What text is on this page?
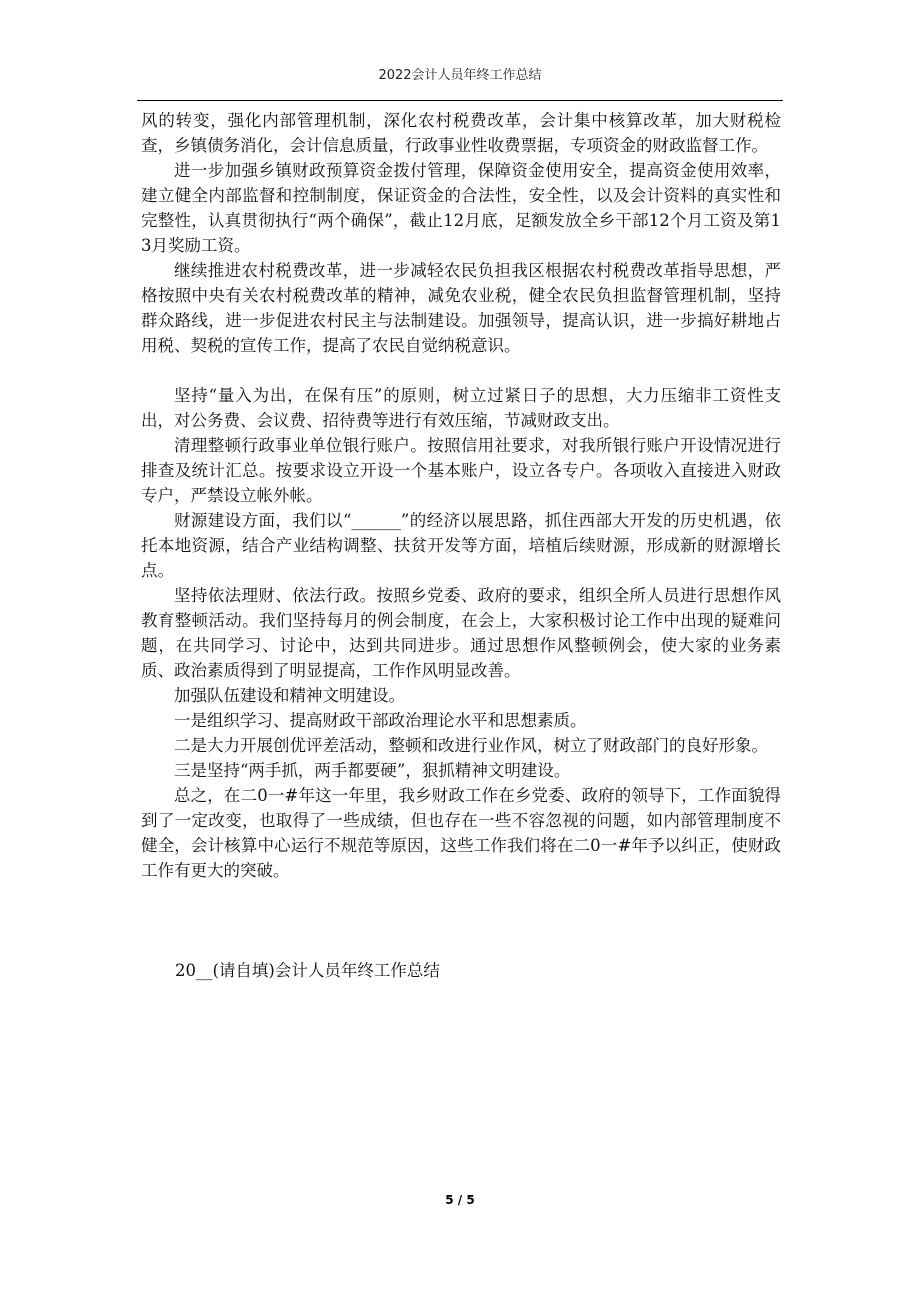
2022会计人员年终工作总结

风的转变，强化内部管理机制，深化农村税费改革，会计集中核算改革，加大财税检查，乡镇债务消化，会计信息质量，行政事业性收费票据，专项资金的财政监督工作。

进一步加强乡镇财政预算资金拨付管理，保障资金使用安全，提高资金使用效率，建立健全内部监督和控制制度，保证资金的合法性，安全性，以及会计资料的真实性和完整性，认真贯彻执行“两个确保”，截止12月底，足额发放全乡干部12个月工资及第13月奖励工资。

继续推进农村税费改革，进一步减轻农民负担我区根据农村税费改革指导思想，严格按照中央有关农村税费改革的精神，减免农业税，健全农民负担监督管理机制，坚持群众路线，进一步促进农村民主与法制建设。加强领导，提高认识，进一步搞好耕地占用税、契税的宣传工作，提高了农民自觉纳税意识。

坚持“量入为出，在保有压”的原则，树立过紧日子的思想，大力压缩非工资性支出，对公务费、会议费、招待费等进行有效压缩，节减财政支出。

清理整顿行政事业单位银行账户。按照信用社要求，对我所银行账户开设情况进行排查及统计汇总。按要求设立开设一个基本账户，设立各专户。各项收入直接进入财政专户，严禁设立帐外帐。

财源建设方面，我们以“______”的经济以展思路，抓住西部大开发的历史机遇，依托本地资源，结合产业结构调整、扶贫开发等方面，培植后续财源，形成新的财源增长点。

坚持依法理财、依法行政。按照乡党委、政府的要求，组织全所人员进行思想作风教育整顿活动。我们坚持每月的例会制度，在会上，大家积极讨论工作中出现的疑难问题，在共同学习、讨论中，达到共同进步。通过思想作风整顿例会，使大家的业务素质、政治素质得到了明显提高，工作作风明显改善。

加强队伍建设和精神文明建设。

一是组织学习、提高财政干部政治理论水平和思想素质。

二是大力开展创优评差活动，整顿和改进行业作风，树立了财政部门的良好形象。

三是坚持“两手抓，两手都要硬”，狠抓精神文明建设。

总之，在二0一#年这一年里，我乡财政工作在乡党委、政府的领导下，工作面貌得到了一定改变，也取得了一些成绩，但也存在一些不容忽视的问题，如内部管理制度不健全，会计核算中心运行不规范等原因，这些工作我们将在二0一#年予以纠正，使财政工作有更大的突破。

20__(请自填)会计人员年终工作总结
5 / 5
